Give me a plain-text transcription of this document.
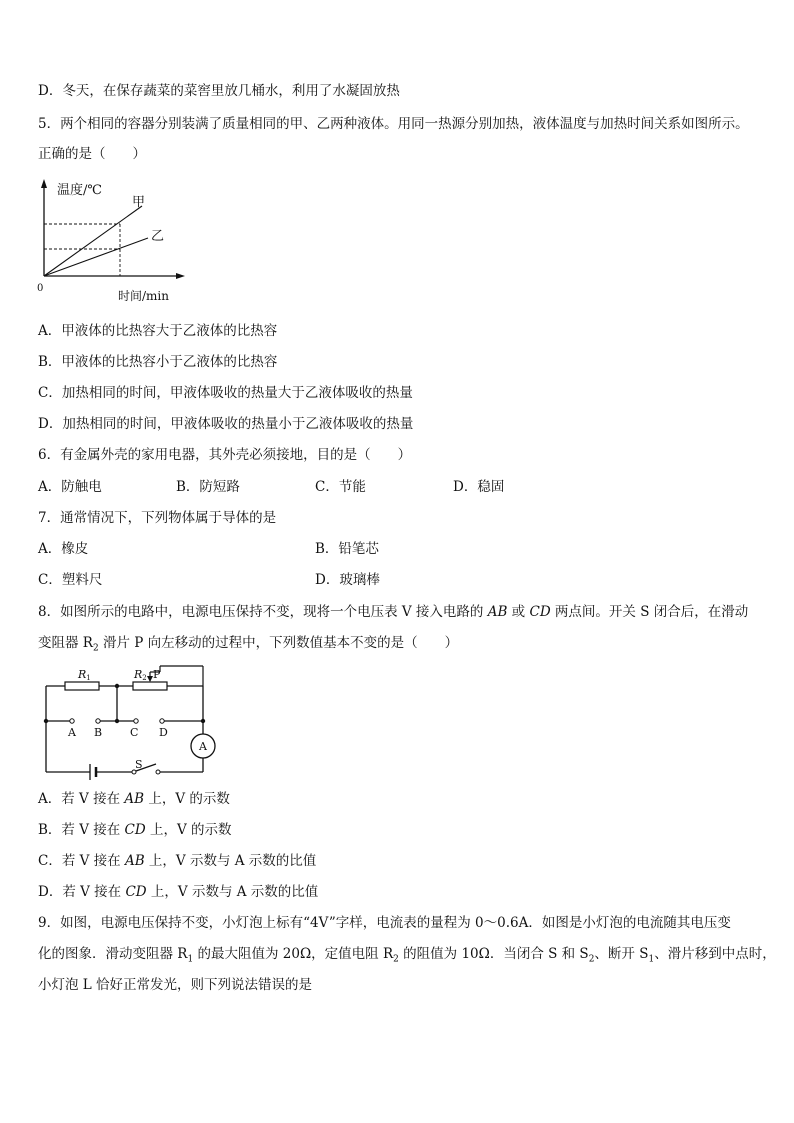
D．冬天，在保存蔬菜的菜窖里放几桶水，利用了水凝固放热
5．两个相同的容器分别装满了质量相同的甲、乙两种液体。用同一热源分别加热，液体温度与加热时间关系如图所示。
正确的是（　　）
温度/℃
甲
乙
0
时间/min
A．甲液体的比热容大于乙液体的比热容
B．甲液体的比热容小于乙液体的比热容
C．加热相同的时间，甲液体吸收的热量大于乙液体吸收的热量
D．加热相同的时间，甲液体吸收的热量小于乙液体吸收的热量
6．有金属外壳的家用电器，其外壳必须接地，目的是（　　）
A．防触电	B．防短路	C．节能	D．稳固
7．通常情况下，下列物体属于导体的是
A．橡皮	B．铅笔芯
C．塑料尺	D．玻璃棒
8．如图所示的电路中，电源电压保持不变，现将一个电压表 V 接入电路的 AB 或 CD 两点间。开关 S 闭合后，在滑动
变阻器 $R_2$ 滑片 P 向左移动的过程中，下列数值基本不变的是（　　）
R1	R2 P
A B	C D
A
S
A．若 V 接在 AB 上，V 的示数
B．若 V 接在 CD 上，V 的示数
C．若 V 接在 AB 上，V 示数与 A 示数的比值
D．若 V 接在 CD 上，V 示数与 A 示数的比值
9．如图，电源电压保持不变，小灯泡上标有“4V”字样，电流表的量程为 0～0.6A．如图是小灯泡的电流随其电压变
化的图象．滑动变阻器 $R_1$ 的最大阻值为 20Ω，定值电阻 $R_2$ 的阻值为 10Ω．当闭合 S 和 $S_2$、断开 $S_1$、滑片移到中点时，
小灯泡 L 恰好正常发光，则下列说法错误的是
